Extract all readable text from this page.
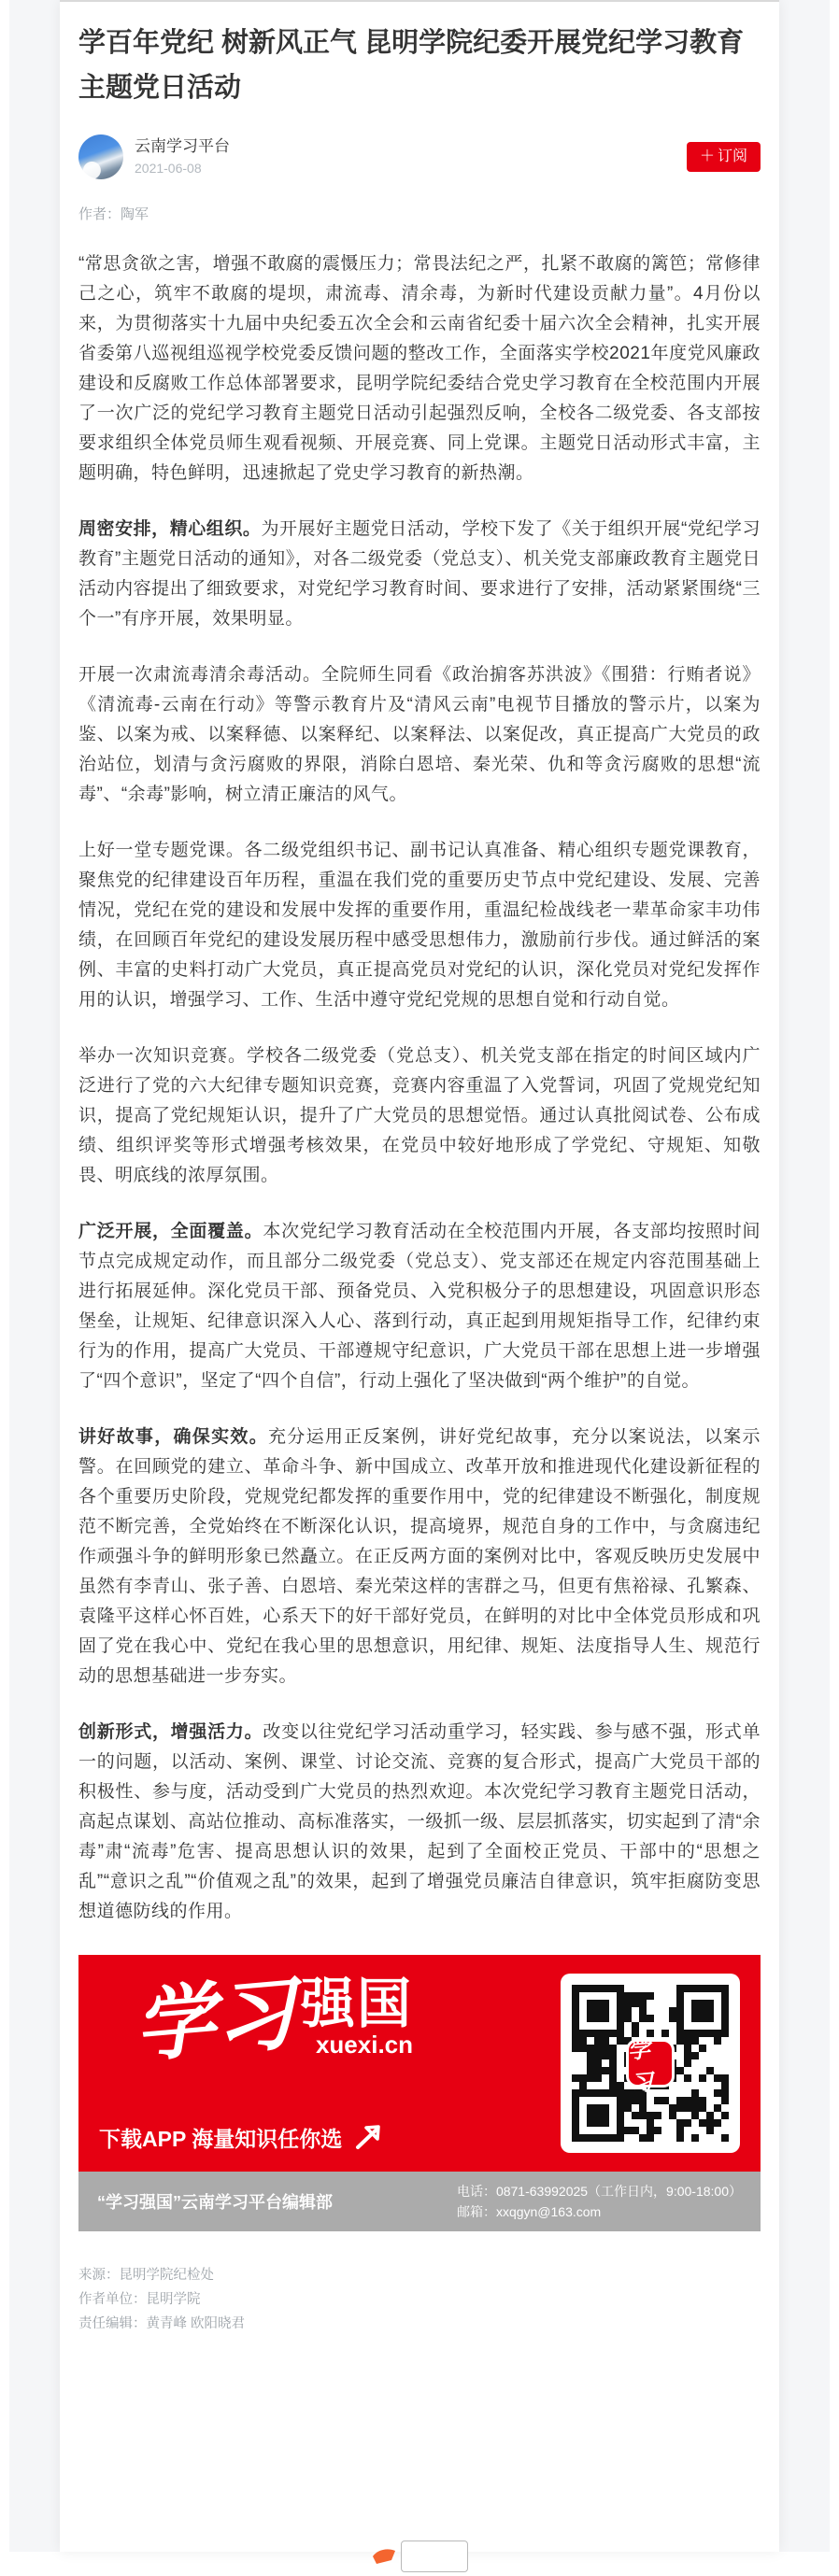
学百年党纪 树新风正气 昆明学院纪委开展党纪学习教育主题党日活动
云南学习平台
2021-06-08
＋ 订阅
作者：陶军

“常思贪欲之害，增强不敢腐的震慑压力；常畏法纪之严，扎紧不敢腐的篱笆；常修律己之心，筑牢不敢腐的堤坝，肃流毒、清余毒，为新时代建设贡献力量”。4月份以来，为贯彻落实十九届中央纪委五次全会和云南省纪委十届六次全会精神，扎实开展省委第八巡视组巡视学校党委反馈问题的整改工作，全面落实学校2021年度党风廉政建设和反腐败工作总体部署要求，昆明学院纪委结合党史学习教育在全校范围内开展了一次广泛的党纪学习教育主题党日活动引起强烈反响，全校各二级党委、各支部按要求组织全体党员师生观看视频、开展竞赛、同上党课。主题党日活动形式丰富，主题明确，特色鲜明，迅速掀起了党史学习教育的新热潮。

周密安排，精心组织。为开展好主题党日活动，学校下发了《关于组织开展“党纪学习教育”主题党日活动的通知》，对各二级党委（党总支）、机关党支部廉政教育主题党日活动内容提出了细致要求，对党纪学习教育时间、要求进行了安排，活动紧紧围绕“三个一”有序开展，效果明显。

开展一次肃流毒清余毒活动。全院师生同看《政治掮客苏洪波》《围猎：行贿者说》《清流毒-云南在行动》等警示教育片及“清风云南”电视节目播放的警示片，以案为鉴、以案为戒、以案释德、以案释纪、以案释法、以案促改，真正提高广大党员的政治站位，划清与贪污腐败的界限，消除白恩培、秦光荣、仇和等贪污腐败的思想“流毒”、“余毒”影响，树立清正廉洁的风气。

上好一堂专题党课。各二级党组织书记、副书记认真准备、精心组织专题党课教育，聚焦党的纪律建设百年历程，重温在我们党的重要历史节点中党纪建设、发展、完善情况，党纪在党的建设和发展中发挥的重要作用，重温纪检战线老一辈革命家丰功伟绩，在回顾百年党纪的建设发展历程中感受思想伟力，激励前行步伐。通过鲜活的案例、丰富的史料打动广大党员，真正提高党员对党纪的认识，深化党员对党纪发挥作用的认识，增强学习、工作、生活中遵守党纪党规的思想自觉和行动自觉。

举办一次知识竞赛。学校各二级党委（党总支）、机关党支部在指定的时间区域内广泛进行了党的六大纪律专题知识竞赛，竞赛内容重温了入党誓词，巩固了党规党纪知识，提高了党纪规矩认识，提升了广大党员的思想觉悟。通过认真批阅试卷、公布成绩、组织评奖等形式增强考核效果，在党员中较好地形成了学党纪、守规矩、知敬畏、明底线的浓厚氛围。

广泛开展，全面覆盖。本次党纪学习教育活动在全校范围内开展，各支部均按照时间节点完成规定动作，而且部分二级党委（党总支）、党支部还在规定内容范围基础上进行拓展延伸。深化党员干部、预备党员、入党积极分子的思想建设，巩固意识形态堡垒，让规矩、纪律意识深入人心、落到行动，真正起到用规矩指导工作，纪律约束行为的作用，提高广大党员、干部遵规守纪意识，广大党员干部在思想上进一步增强了“四个意识”，坚定了“四个自信”，行动上强化了坚决做到“两个维护”的自觉。

讲好故事，确保实效。充分运用正反案例，讲好党纪故事，充分以案说法，以案示警。在回顾党的建立、革命斗争、新中国成立、改革开放和推进现代化建设新征程的各个重要历史阶段，党规党纪都发挥的重要作用中，党的纪律建设不断强化，制度规范不断完善，全党始终在不断深化认识，提高境界，规范自身的工作中，与贪腐违纪作顽强斗争的鲜明形象已然矗立。在正反两方面的案例对比中，客观反映历史发展中虽然有李青山、张子善、白恩培、秦光荣这样的害群之马，但更有焦裕禄、孔繁森、袁隆平这样心怀百姓，心系天下的好干部好党员，在鲜明的对比中全体党员形成和巩固了党在我心中、党纪在我心里的思想意识，用纪律、规矩、法度指导人生、规范行动的思想基础进一步夯实。

创新形式，增强活力。改变以往党纪学习活动重学习，轻实践、参与感不强，形式单一的问题，以活动、案例、课堂、讨论交流、竞赛的复合形式，提高广大党员干部的积极性、参与度，活动受到广大党员的热烈欢迎。本次党纪学习教育主题党日活动，高起点谋划、高站位推动、高标准落实，一级抓一级、层层抓落实，切实起到了清“余毒”肃“流毒”危害、提高思想认识的效果，起到了全面校正党员、干部中的“思想之乱”“意识之乱”“价值观之乱”的效果，起到了增强党员廉洁自律意识，筑牢拒腐防变思想道德防线的作用。

学习 强国
xuexi.cn
下载APP 海量知识任你选
学习
“学习强国”云南学习平台编辑部
电话：0871-63992025（工作日内，9:00-18:00）
邮箱：xxqgyn@163.com
来源：昆明学院纪检处
作者单位：昆明学院
责任编辑：黄青峰 欧阳晓君
